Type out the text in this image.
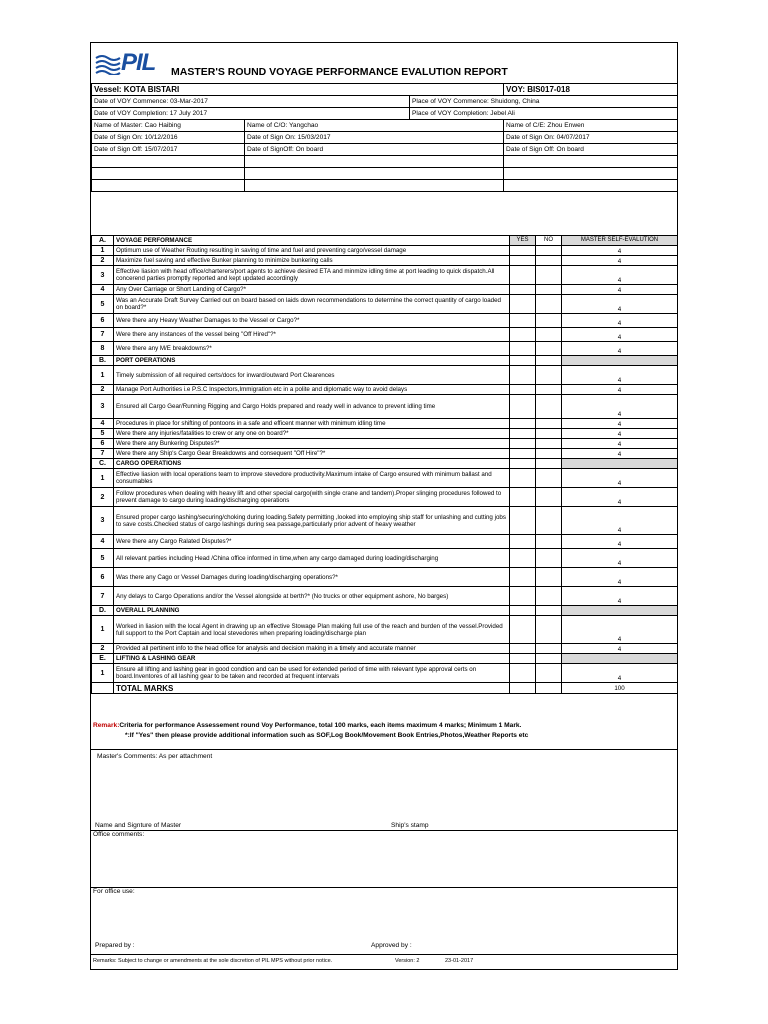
PIL MASTER'S ROUND VOYAGE PERFORMANCE EVALUTION REPORT
Vessel: KOTA BISTARI			VOY: BIS017-018
Date of VOY Commence: 03-Mar-2017		Place of VOY Commence: Shuidong, China	
Date of VOY Completion: 17 July 2017		Place of VOY Completion: Jebel Ali	
Name of Master: Cao Haibing	Name of C/O: Yangchao		Name of C/E: Zhou Enwen
Date of Sign On: 10/12/2016	Date of Sign On: 15/03/2017		Date of Sign On: 04/07/2017
Date of Sign Off: 15/07/2017	Date of SignOff: On board		Date of Sign Off: On board

A.	VOYAGE PERFORMANCE	YES	NO	MASTER SELF-EVALUTION
1	Optimum use of Weather Routing resulting in saving of time and fuel and preventing cargo/vessel damage			4
2	Maximize fuel saving and effective Bunker planning to minimize bunkering calls			4
3	Effective liasion with head office/charterers/port agents to achieve desired ETA and minmize idling time at port leading to quick dispatch.All concerend parties promptly reported and kept updated accordingly			4
4	Any Over Carriage or Short Landing of Cargo?*			4
5	Was an Accurate Draft Survey Carried out on board based on laids down recommendations to determine the correct quantity of cargo loaded on board?*			4
6	Were there any Heavy Weather Damages to the Vessel or Cargo?*			4
7	Were there any instances of the vessel being "Off Hired"?*			4
8	Were there any M/E breakdowns?*			4
B.	PORT OPERATIONS			
1	Timely submission of all required certs/docs for inward/outward Port Clearences			4
2	Manage Port Authorities i.e P.S.C Inspectors,Immigration etc in a polite and diplomatic way to avoid delays			4
3	Ensured all Cargo Gear/Running Rigging and Cargo Holds prepared and ready well in advance to prevent idling time			4
4	Procedures in place for shifting of pontoons in a safe and efficent manner with minimum idling time			4
5	Were there any injuries/fatalities to crew or any one on board?*			4
6	Were there any Bunkering Disputes?*			4
7	Were there any Ship's Cargo Gear Breakdowns and consequent "Off Hire"?*			4
C.	CARGO OPERATIONS			
1	Effective liasion with local operations team to improve stevedore productivity.Maximum intake of Cargo ensured with minimum ballast and consumables			4
2	Follow procedures when dealing with heavy lift and other special cargo(with single crane and tandem).Proper slinging procedures followed to prevent damage to cargo during loading/discharging operations			4
3	Ensured proper cargo lashing/securing/choking during loading.Safety permitting ,looked into employing ship staff for unlashing and cutting jobs to save costs.Checked status of cargo lashings during sea passage,particularly prior advent of heavy weather			4
4	Were there any Cargo Ralated Disputes?*			4
5	All relevant parties including Head /China office informed in time,when any cargo damaged during loading/discharging			4
6	Was there any Cago or Vessel Damages during loading/discharging operations?*			4
7	Any delays to Cargo Operations and/or the Vessel alongside at berth?* (No trucks or other equipment ashore, No barges)			4
D.	OVERALL PLANNING			
1	Worked in liasion with the local Agent in drawing up an effective Stowage Plan making full use of the reach and burden of the vessel.Provided full support to the Port Captain and local stevedores when preparing loading/discharge plan			4
2	Provided all pertinent info to the head office for analysis and decision making in a timely and accurate manner			4
E.	LIFTING & LASHING GEAR			
1	Ensure all lifting and lashing gear in good condtion and can be used for extended period of time with relevant type approval certs on board.Inventores of all lashing gear to be taken and recorded at frequent intervals			4
	TOTAL MARKS			100
Remark:Criteria for performance Assessement round Voy Performance, total 100 marks, each items maximum 4 marks; Minimum 1 Mark.
*:If "Yes" then please provide additional information such as SOF,Log Book/Movement Book Entries,Photos,Weather Reports etc
Master's Comments: As per attachment
Name and Signture of Master	Ship's stamp
Office comments:
For office use:
Prepared by :	Approved by :
Remarks: Subject to change or amendments at the sole discretion of PIL MPS without prior notice.	Version: 2	23-01-2017
